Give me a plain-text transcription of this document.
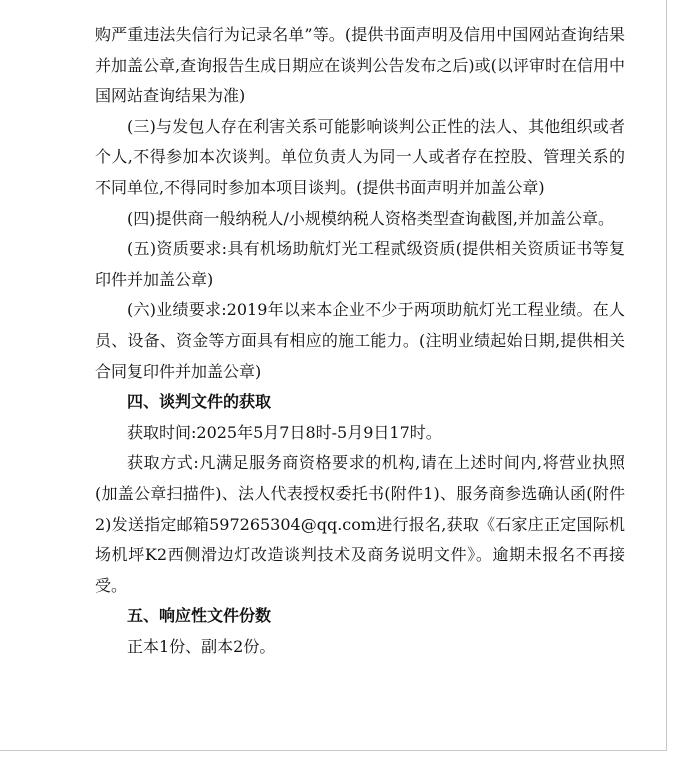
购严重违法失信行为记录名单”等。(提供书面声明及信用中国网站查询结果并加盖公章,查询报告生成日期应在谈判公告发布之后)或(以评审时在信用中国网站查询结果为准)

(三)与发包人存在利害关系可能影响谈判公正性的法人、其他组织或者个人,不得参加本次谈判。单位负责人为同一人或者存在控股、管理关系的不同单位,不得同时参加本项目谈判。(提供书面声明并加盖公章)

(四)提供商一般纳税人/小规模纳税人资格类型查询截图,并加盖公章。

(五)资质要求:具有机场助航灯光工程贰级资质(提供相关资质证书等复印件并加盖公章)

(六)业绩要求:2019年以来本企业不少于两项助航灯光工程业绩。在人员、设备、资金等方面具有相应的施工能力。(注明业绩起始日期,提供相关合同复印件并加盖公章)

四、谈判文件的获取

获取时间:2025年5月7日8时-5月9日17时。

获取方式:凡满足服务商资格要求的机构,请在上述时间内,将营业执照(加盖公章扫描件)、法人代表授权委托书(附件1)、服务商参选确认函(附件2)发送指定邮箱597265304@qq.com进行报名,获取《石家庄正定国际机场机坪K2西侧滑边灯改造谈判技术及商务说明文件》。逾期未报名不再接受。

五、响应性文件份数

正本1份、副本2份。
